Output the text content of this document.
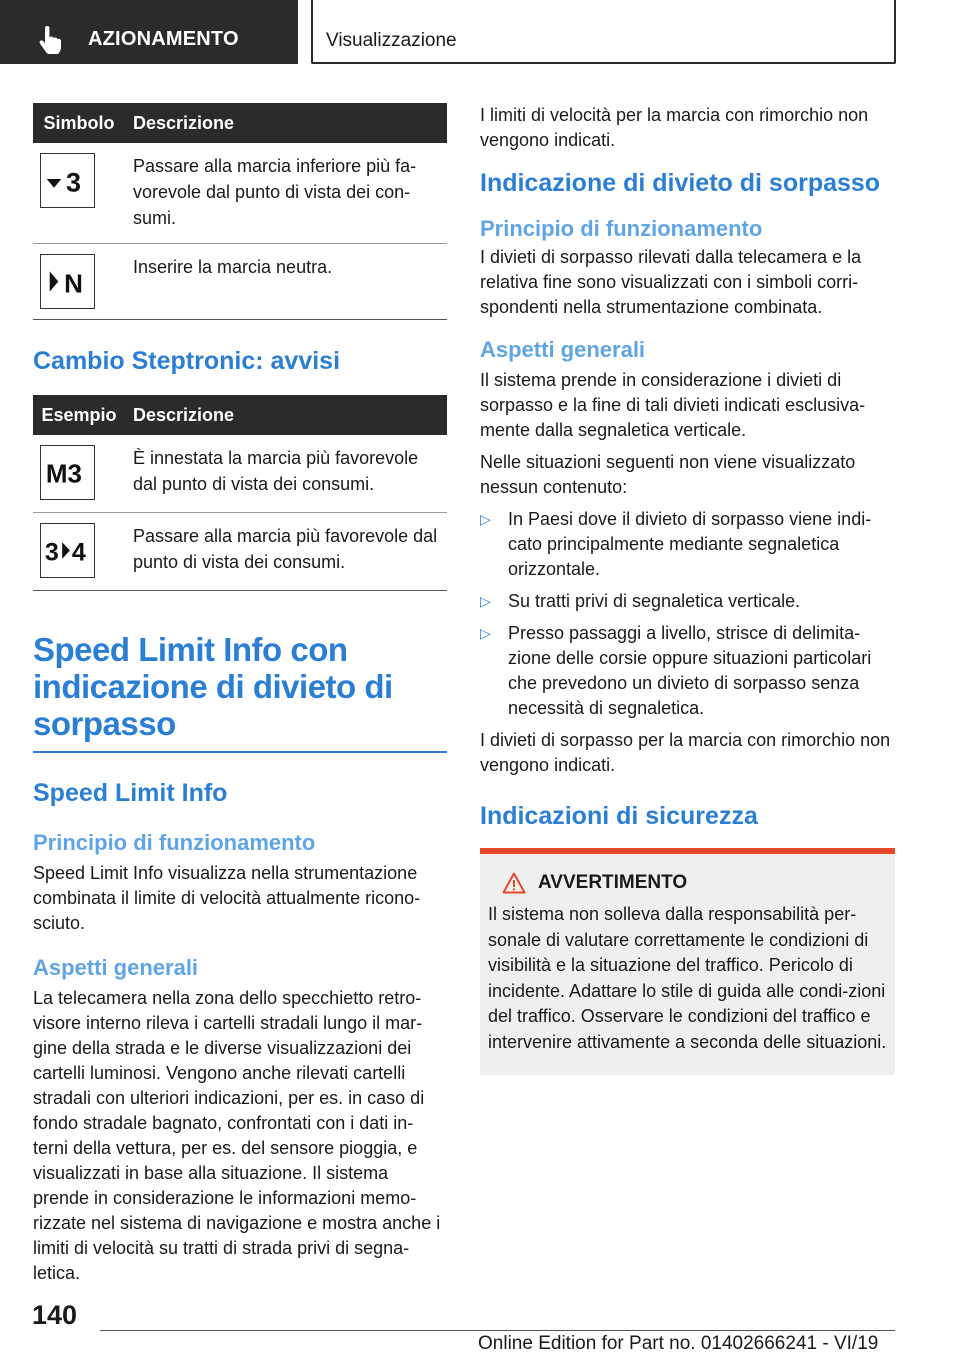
AZIONAMENTO	Visualizzazione
Simbolo	Descrizione

3	Passare alla marcia inferiore più fa-vorevole dal punto di vista dei con-sumi.

N	Inserire la marcia neutra.
Cambio Steptronic: avvisi
Esempio	Descrizione

M3	È innestata la marcia più favorevole dal punto di vista dei consumi.

3 4	Passare alla marcia più favorevole dal punto di vista dei consumi.
Speed Limit Info con indicazione di divieto di sorpasso
Speed Limit Info
Principio di funzionamento

Speed Limit Info visualizza nella strumentazione combinata il limite di velocità attualmente ricono-sciuto.

Aspetti generali

La telecamera nella zona dello specchietto retro-visore interno rileva i cartelli stradali lungo il mar-gine della strada e le diverse visualizzazioni dei cartelli luminosi. Vengono anche rilevati cartelli stradali con ulteriori indicazioni, per es. in caso di fondo stradale bagnato, confrontati con i dati in-terni della vettura, per es. del sensore pioggia, e visualizzati in base alla situazione. Il sistema prende in considerazione le informazioni memo-rizzate nel sistema di navigazione e mostra anche i limiti di velocità su tratti di strada privi di segna-letica.

I limiti di velocità per la marcia con rimorchio non vengono indicati.

Indicazione di divieto di sorpasso
Principio di funzionamento

I divieti di sorpasso rilevati dalla telecamera e la relativa fine sono visualizzati con i simboli corri-spondenti nella strumentazione combinata.

Aspetti generali

Il sistema prende in considerazione i divieti di sorpasso e la fine di tali divieti indicati esclusiva-mente dalla segnaletica verticale.

Nelle situazioni seguenti non viene visualizzato nessun contenuto:

▷ In Paesi dove il divieto di sorpasso viene indi-cato principalmente mediante segnaletica orizzontale.
▷ Su tratti privi di segnaletica verticale.
▷ Presso passaggi a livello, strisce di delimita-zione delle corsie oppure situazioni particolari che prevedono un divieto di sorpasso senza necessità di segnaletica.

I divieti di sorpasso per la marcia con rimorchio non vengono indicati.

Indicazioni di sicurezza
AVVERTIMENTO

Il sistema non solleva dalla responsabilità per-sonale di valutare correttamente le condizioni di visibilità e la situazione del traffico. Pericolo di incidente. Adattare lo stile di guida alle condi-zioni del traffico. Osservare le condizioni del traffico e intervenire attivamente a seconda delle situazioni.

140
Online Edition for Part no. 01402666241 - VI/19
